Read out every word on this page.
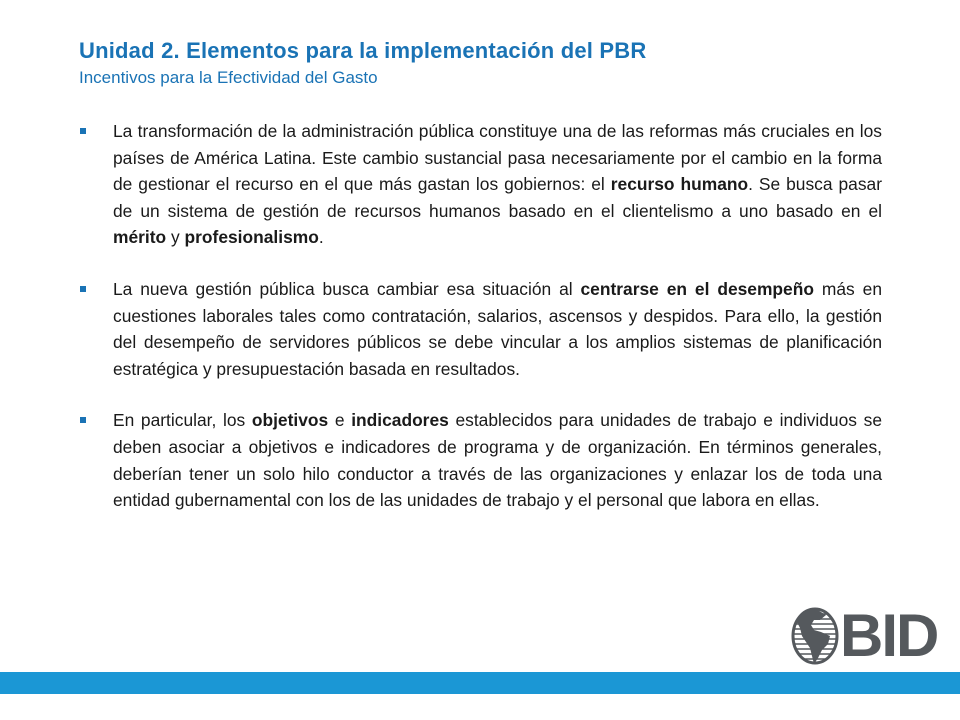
Unidad 2. Elementos para la implementación del PBR
Incentivos para la Efectividad del Gasto
La transformación de la administración pública constituye una de las reformas más cruciales en los países de América Latina. Este cambio sustancial pasa necesariamente por el cambio en la forma de gestionar el recurso en el que más gastan los gobiernos: el recurso humano. Se busca pasar de un sistema de gestión de recursos humanos basado en el clientelismo a uno basado en el mérito y profesionalismo.
La nueva gestión pública busca cambiar esa situación al centrarse en el desempeño más en cuestiones laborales tales como contratación, salarios, ascensos y despidos. Para ello, la gestión del desempeño de servidores públicos se debe vincular a los amplios sistemas de planificación estratégica y presupuestación basada en resultados.
En particular, los objetivos e indicadores establecidos para unidades de trabajo e individuos se deben asociar a objetivos e indicadores de programa y de organización. En términos generales, deberían tener un solo hilo conductor a través de las organizaciones y enlazar los de toda una entidad gubernamental con los de las unidades de trabajo y el personal que labora en ellas.
BID
